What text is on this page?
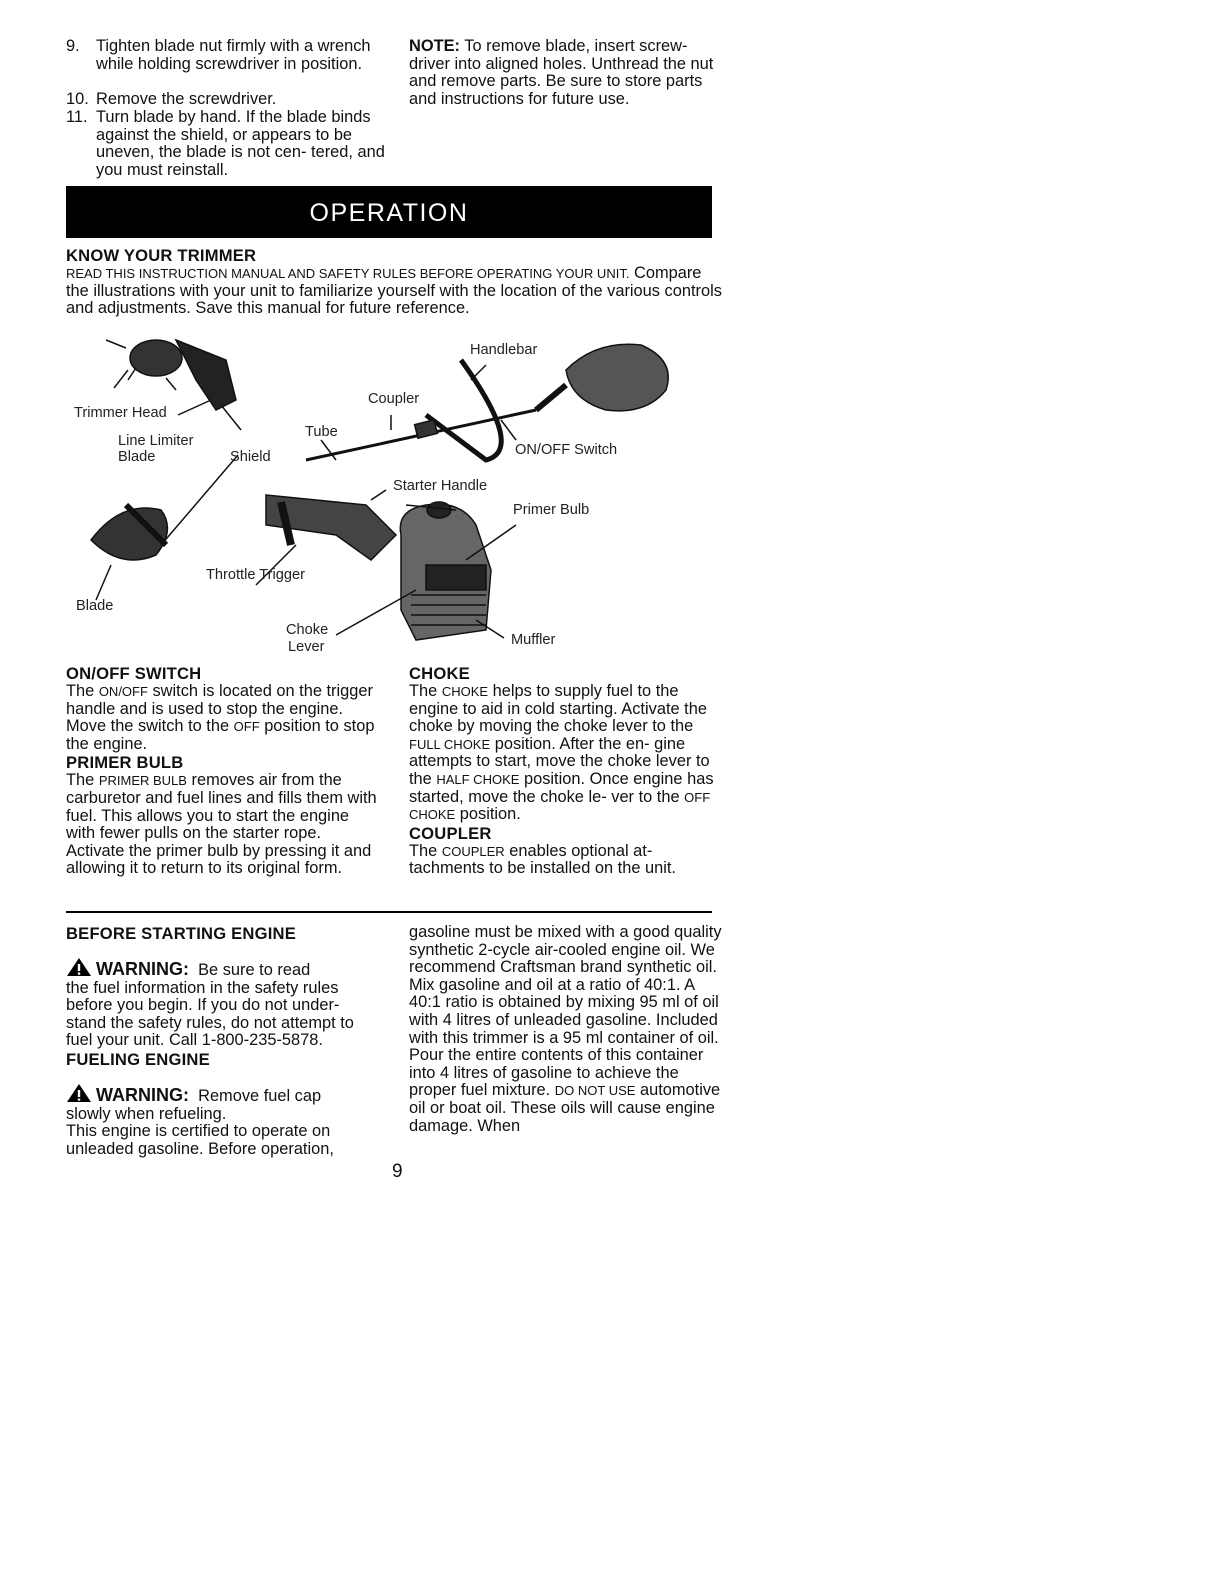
9. Tighten blade nut firmly with a wrench while holding screwdriver in position.
10. Remove the screwdriver.
11. Turn blade by hand. If the blade binds against the shield, or appears to be uneven, the blade is not cen- tered, and you must reinstall.
NOTE: To remove blade, insert screw- driver into aligned holes. Unthread the nut and remove parts. Be sure to store parts and instructions for future use.
OPERATION
KNOW YOUR TRIMMER
READ THIS INSTRUCTION MANUAL AND SAFETY RULES BEFORE OPERATING YOUR UNIT. Compare the illustrations with your unit to familiarize yourself with the location of the various controls and adjustments. Save this manual for future reference.
Trimmer Head
Line Limiter
Blade	Shield
Tube
Coupler
Handlebar
ON/OFF Switch
Starter Handle
Primer Bulb
Throttle Trigger
Blade
Choke
Lever	Muffler
ON/OFF SWITCH

The ON/OFF switch is located on the trigger handle and is used to stop the engine. Move the switch to the OFF position to stop the engine.

PRIMER BULB

The PRIMER BULB removes air from the carburetor and fuel lines and fills them with fuel. This allows you to start the engine with fewer pulls on the starter rope. Activate the primer bulb by pressing it and allowing it to return to its original form.

CHOKE

The CHOKE helps to supply fuel to the engine to aid in cold starting. Activate the choke by moving the choke lever to the FULL CHOKE position. After the en- gine attempts to start, move the choke lever to the HALF CHOKE position. Once engine has started, move the choke le- ver to the OFF CHOKE position.

COUPLER

The COUPLER enables optional at- tachments to be installed on the unit.

BEFORE STARTING ENGINE
WARNING: Be sure to read

the fuel information in the safety rules before you begin. If you do not under- stand the safety rules, do not attempt to fuel your unit. Call 1-800-235-5878.

FUELING ENGINE
WARNING: Remove fuel cap

slowly when refueling.

This engine is certified to operate on unleaded gasoline. Before operation,

gasoline must be mixed with a good quality synthetic 2-cycle air-cooled engine oil. We recommend Craftsman brand synthetic oil. Mix gasoline and oil at a ratio of 40:1. A 40:1 ratio is obtained by mixing 95 ml of oil with 4 litres of unleaded gasoline. Included with this trimmer is a 95 ml container of oil. Pour the entire contents of this container into 4 litres of gasoline to achieve the proper fuel mixture. DO NOT USE automotive oil or boat oil. These oils will cause engine damage. When
9
